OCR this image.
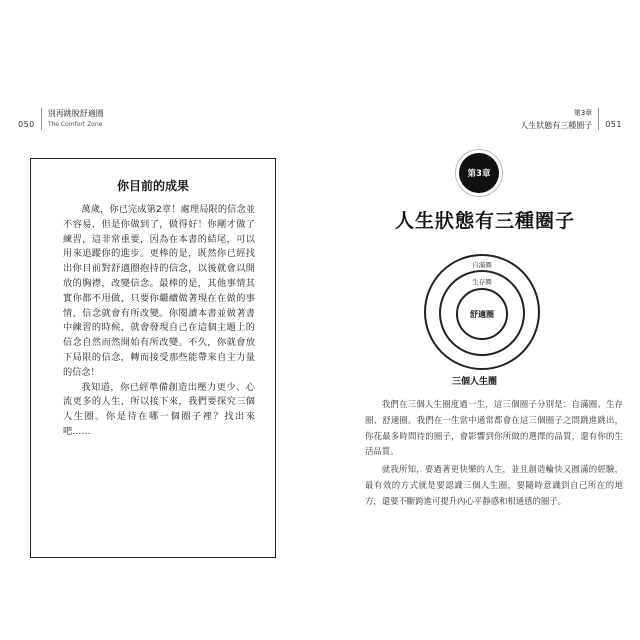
050
別再跳脫舒適圈
The Comfort Zone
第3章
人生狀態有三種圈子 051
你目前的成果

萬歲，你已完成第2章！處理局限的信念並不容易，但是你做到了，做得好！你剛才做了練習，這非常重要，因為在本書的結尾，可以用來追蹤你的進步。更棒的是，既然你已經找出你目前對舒適圈抱持的信念，以後就會以開放的胸襟，改變信念。最棒的是，其他事情其實你都不用做，只要你繼續做著現在在做的事情，信念就會有所改變。你閱讀本書並做著書中練習的時候，就會發現自己在這個主題上的信念自然而然開始有所改變。不久，你就會放下局限的信念，轉而接受那些能帶來自主力量的信念！

我知道，你已經準備創造出壓力更少、心流更多的人生，所以接下來，我們要探究三個人生圈。你是待在哪一個圈子裡？找出來吧……

第3章
人生狀態有三種圈子
自滿圈
生存圈
舒適圈
三個人生圈

我們在三個人生圈度過一生，這三個圈子分別是：自滿圈、生存圈、舒適圈。我們在一生當中通常都會在這三個圈子之間跳進跳出，你花最多時間待的圈子，會影響到你所做的選擇的品質，還有你的生活品質。

就我所知，要過著更快樂的人生，並且創造輪快又圓滿的經驗，最有效的方式就是要認識三個人生圈，要隨時意識到自己所在的地方，還要不斷跨進可提升內心平靜感和相通感的圈子。
